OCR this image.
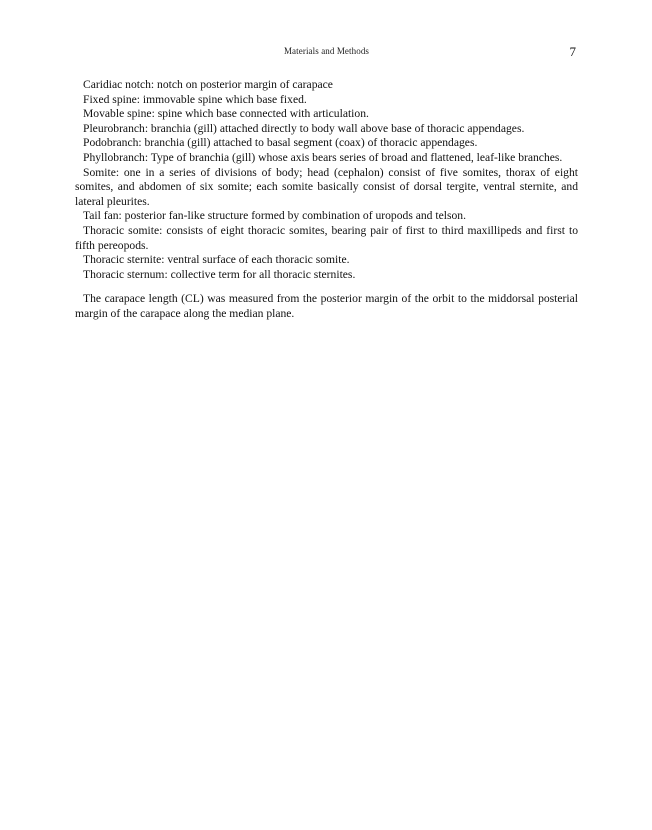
Materials and Methods	7

Caridiac notch: notch on posterior margin of carapace

Fixed spine: immovable spine which base fixed.

Movable spine: spine which base connected with articulation.

Pleurobranch: branchia (gill) attached directly to body wall above base of thoracic appendages.

Podobranch: branchia (gill) attached to basal segment (coax) of thoracic appendages.

Phyllobranch: Type of branchia (gill) whose axis bears series of broad and flattened, leaf-like branches.

Somite: one in a series of divisions of body; head (cephalon) consist of five somites, thorax of eight somites, and abdomen of six somite; each somite basically consist of dorsal tergite, ventral sternite, and lateral pleurites.

Tail fan: posterior fan-like structure formed by combination of uropods and telson.

Thoracic somite: consists of eight thoracic somites, bearing pair of first to third maxillipeds and first to fifth pereopods.

Thoracic sternite: ventral surface of each thoracic somite.

Thoracic sternum: collective term for all thoracic sternites.

The carapace length (CL) was measured from the posterior margin of the orbit to the middorsal posterial margin of the carapace along the median plane.
